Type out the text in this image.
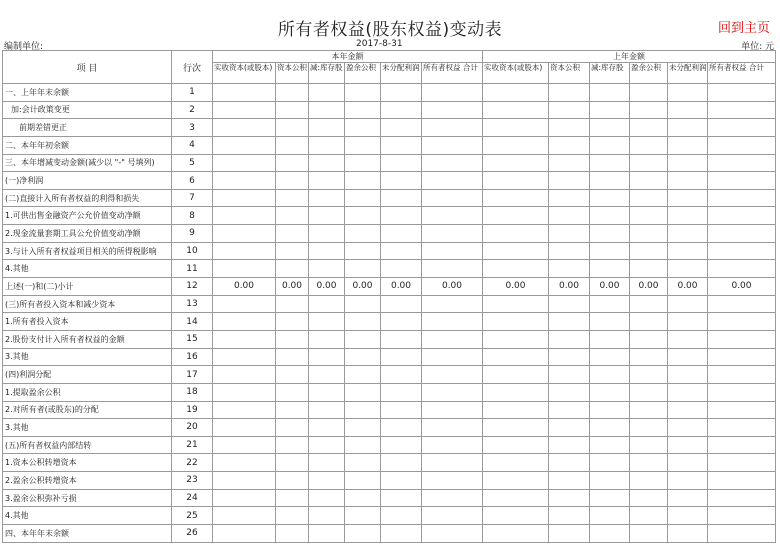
所有者权益(股东权益)变动表	回到主页
编制单位:	2017-8-31	单位: 元
项 目	行次	本年金额						上年金额					
		实收资本(或股本)	资本公积	减:库存股	盈余公积	未分配利润	所有者权益 合计	实收资本(或股本)	资本公积	减:库存股	盈余公积	未分配利润	所有者权益 合计
一、上年年末余额	1												
加:会计政策变更	2												
前期差错更正	3												
二、本年年初余额	4												
三、本年增减变动金额(减少以 "-" 号填列)	5												
(一)净利润	6												
(二)直接计入所有者权益的利得和损失	7												
1.可供出售金融资产公允价值变动净额	8												
2.现金流量套期工具公允价值变动净额	9												
3.与计入所有者权益项目相关的所得税影响	10												
4.其他	11												
上述(一)和(二)小计	12	0.00	0.00	0.00	0.00	0.00	0.00	0.00	0.00	0.00	0.00	0.00	0.00
(三)所有者投入资本和减少资本	13												
1.所有者投入资本	14												
2.股份支付计入所有者权益的金额	15												
3.其他	16												
(四)利润分配	17												
1.提取盈余公积	18												
2.对所有者(或股东)的分配	19												
3.其他	20												
(五)所有者权益内部结转	21												
1.资本公积转增资本	22												
2.盈余公积转增资本	23												
3.盈余公积弥补亏损	24												
4.其他	25												
四、本年年末余额	26												
